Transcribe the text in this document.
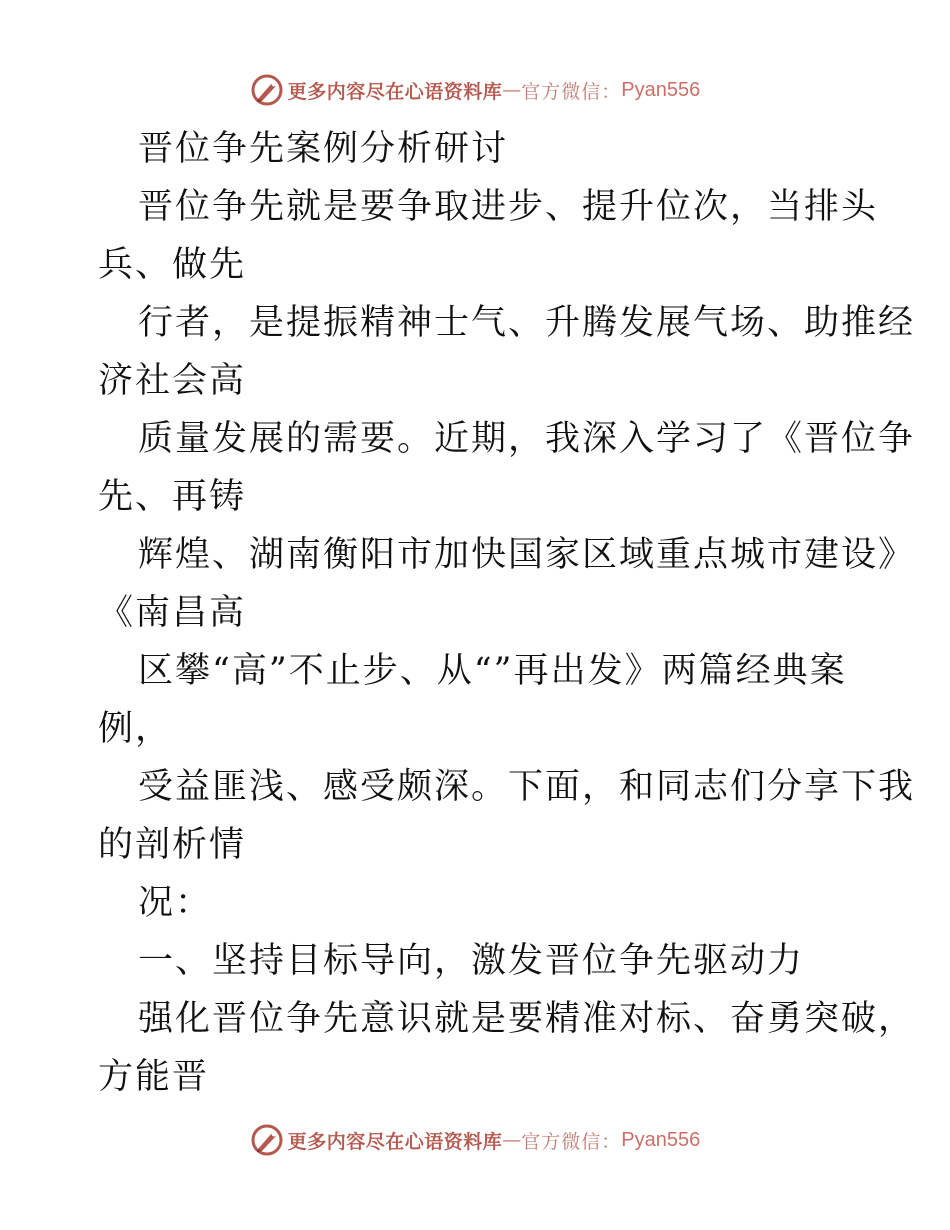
更多内容尽在心语资料库 — 官方微信： Pyan556
晋位争先案例分析研讨
晋位争先就是要争取进步、提升位次，当排头
兵、做先
行者，是提振精神士气、升腾发展气场、助推经
济社会高
质量发展的需要。近期，我深入学习了《晋位争
先、再铸
辉煌、湖南衡阳市加快国家区域重点城市建设》
《南昌高
区攀“高”不止步、从“”再出发》两篇经典案
例，
受益匪浅、感受颇深。下面，和同志们分享下我
的剖析情
况：
一、坚持目标导向，激发晋位争先驱动力
强化晋位争先意识就是要精准对标、奋勇突破，
方能晋
更多内容尽在心语资料库 — 官方微信： Pyan556
